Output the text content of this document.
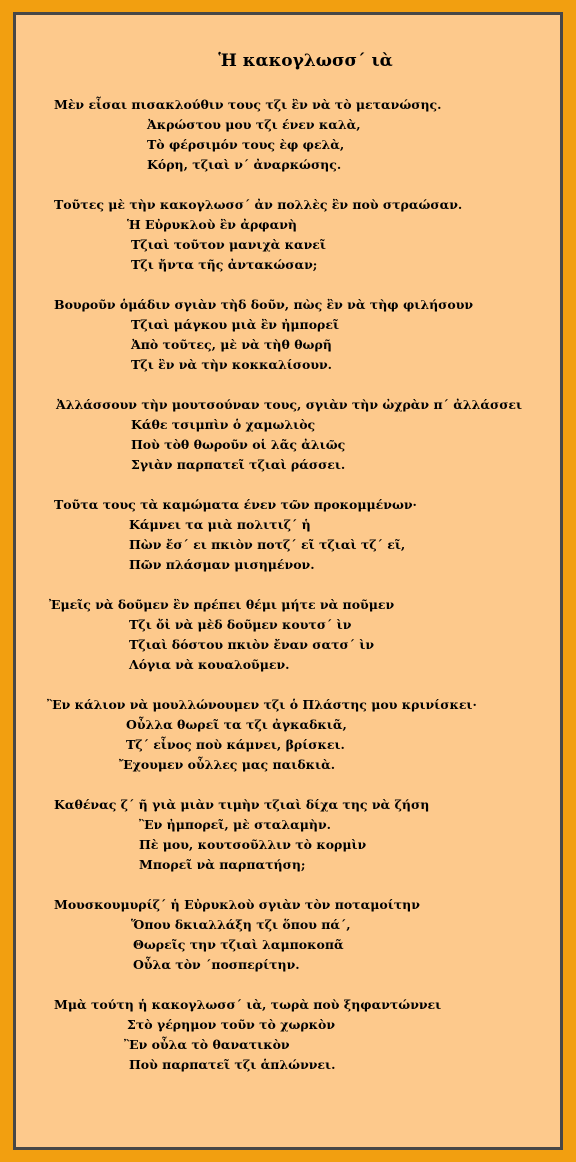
Ἡ κακογλωσσ΄ ιὰ
Μὲν εἶσαι πισακλούθιν τους τζι ἒν νὰ τὸ μετανώσης.
Ἀκρώστου μου τζι ένεν καλὰ,
Τὸ φέρσιμόν τους ὲφ φελὰ,
Κόρη, τζιαὶ ν΄ ἀναρκώσης.
Τοῦτες μὲ τὴν κακογλωσσ΄ ἀν πολλὲς ἒν ποὺ στραώσαν.
Ἡ Εὐρυκλοὺ ἒν ἀρφανὴ
Τζιαὶ τοῦτον μανιχὰ κανεῖ
Τζι ἤντα τῆς ἀντακώσαν;
Βουροῦν ὁμάδιν σγιὰν τὴδ δοῦν, πὼς ἒν νὰ τὴφ φιλήσουν
Τζιαὶ μάγκου μιὰ ἒν ἠμπορεῖ
Ἀπὸ τοῦτες, μὲ νὰ τὴθ θωρῆ
Τζι ἒν νὰ τὴν κοκκαλίσουν.
Ἀλλάσσουν τὴν μουτσούναν τους, σγιὰν τὴν ὠχρὰν π΄ ἀλλάσσει
Κάθε τσιμπὶν ὁ χαμωλιὸς
Ποὺ τὸθ θωροῦν οἱ λᾶς ἀλιῶς
Σγιὰν παρπατεῖ τζιαὶ ράσσει.
Τοῦτα τους τὰ καμώματα ένεν τῶν προκομμένων·
Κάμνει τα μιὰ πολιτιζ΄ ἡ
Πὼν ἔσ΄ ει πκιὸν ποτζ΄ εῖ τζιαὶ τζ΄ εῖ,
Πῶν πλάσμαν μισημένον.
Ἐμεῖς νὰ δοῦμεν ἒν πρέπει θέμι μήτε νὰ ποῦμεν
Τζι ὄἰ νὰ μὲδ δοῦμεν κουτσ΄ ὶν
Τζιαὶ δόστου πκιὸν ἔναν σατσ΄ ὶν
Λόγια νὰ κουαλοῦμεν.
Ἒν κάλιον νὰ μουλλώνουμεν τζι ὁ Πλάστης μου κρινίσκει·
Οὖλλα θωρεῖ τα τζι ἀγκαδκιᾶ,
Τζ΄ εἶνος ποὺ κάμνει, βρίσκει.
Ἔχουμεν οὖλλες μας παιδκιὰ.
Καθένας ζ΄ ῆ γιὰ μιὰν τιμὴν τζιαὶ δίχα της νὰ ζήση
Ἒν ἠμπορεῖ, μὲ σταλαμὴν.
Πὲ μου, κουτσοῦλλιν τὸ κορμὶν
Μπορεῖ νὰ παρπατήση;
Μουσκουμυρίζ΄ ἡ Εὐρυκλοὺ σγιὰν τὸν ποταμοίτην
Ὅπου δκιαλλάξη τζι ὅπου πά΄,
Θωρεῖς την τζιαὶ λαμποκοπᾶ
Οὖλα τὸν ΄ποσπερίτην.
Μμὰ τούτη ἡ κακογλωσσ΄ ιὰ, τωρὰ ποὺ ξηφαντώννει
Στὸ γέρημον τοῦν τὸ χωρκὸν
Ἒν οὖλα τὸ θανατικὸν
Ποὺ παρπατεῖ τζι ἁπλώννει.
